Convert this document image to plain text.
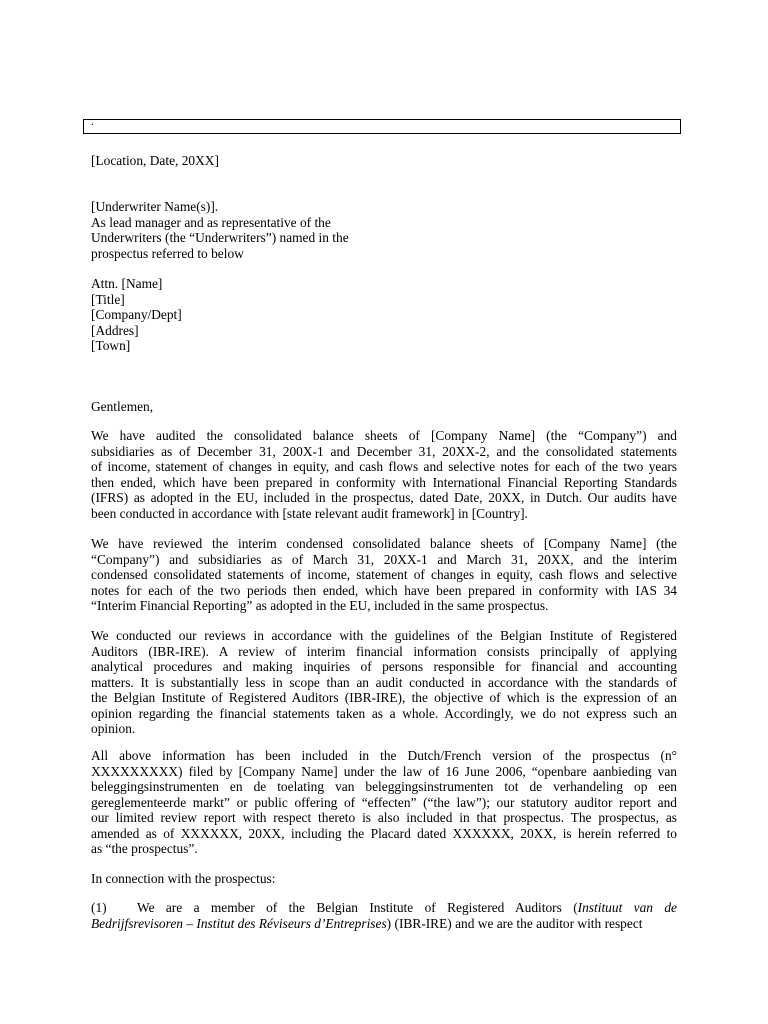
.
[Location, Date, 20XX]
[Underwriter Name(s)].
As lead manager and as representative of the
Underwriters (the “Underwriters”) named in the
prospectus referred to below
Attn. [Name]
[Title]
[Company/Dept]
[Addres]
[Town]
Gentlemen,
We have audited the consolidated balance sheets of [Company Name] (the “Company”) and
subsidiaries as of December 31, 200X-1 and December 31, 20XX-2, and the consolidated statements
of income, statement of changes in equity, and cash flows and selective notes for each of the two years
then ended, which have been prepared in conformity with International Financial Reporting Standards
(IFRS) as adopted in the EU, included in the prospectus, dated Date, 20XX, in Dutch. Our audits have
been conducted in accordance with [state relevant audit framework] in [Country].
We have reviewed the interim condensed consolidated balance sheets of [Company Name] (the
“Company”) and subsidiaries as of March 31, 20XX-1 and March 31, 20XX, and the interim
condensed consolidated statements of income, statement of changes in equity, cash flows and selective
notes for each of the two periods then ended, which have been prepared in conformity with IAS 34
“Interim Financial Reporting” as adopted in the EU, included in the same prospectus.
We conducted our reviews in accordance with the guidelines of the Belgian Institute of Registered
Auditors (IBR-IRE). A review of interim financial information consists principally of applying
analytical procedures and making inquiries of persons responsible for financial and accounting
matters. It is substantially less in scope than an audit conducted in accordance with the standards of
the Belgian Institute of Registered Auditors (IBR-IRE), the objective of which is the expression of an
opinion regarding the financial statements taken as a whole. Accordingly, we do not express such an
opinion.
All above information has been included in the Dutch/French version of the prospectus (n°
XXXXXXXXX) filed by [Company Name] under the law of 16 June 2006, “openbare aanbieding van
beleggingsinstrumenten en de toelating van beleggingsinstrumenten tot de verhandeling op een
gereglementeerde markt” or public offering of “effecten” (“the law”); our statutory auditor report and
our limited review report with respect thereto is also included in that prospectus. The prospectus, as
amended as of XXXXXX, 20XX, including the Placard dated XXXXXX, 20XX, is herein referred to
as “the prospectus”.
In connection with the prospectus:
(1) We are a member of the Belgian Institute of Registered Auditors (Instituut van de
Bedrijfsrevisoren – Institut des Réviseurs d’Entreprises) (IBR-IRE) and we are the auditor with respect
